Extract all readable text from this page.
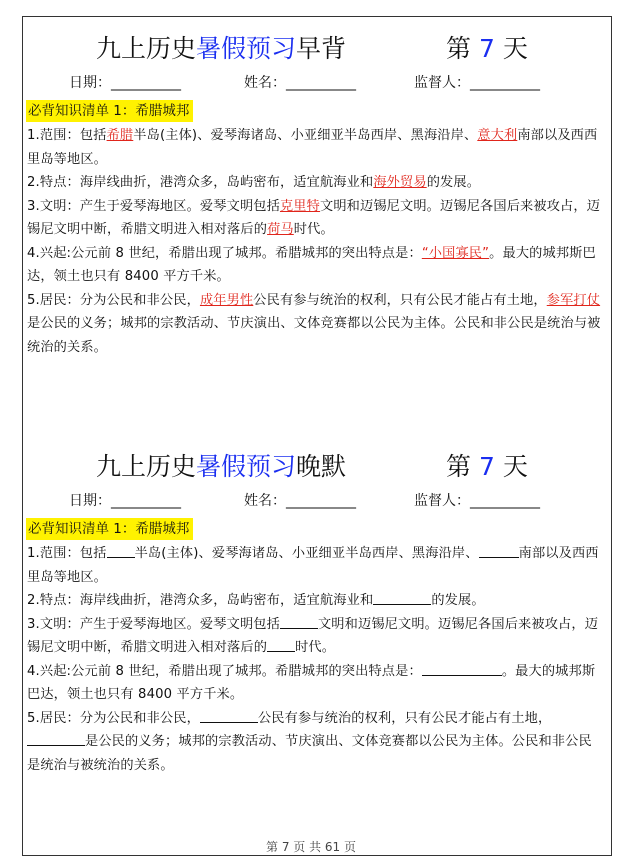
九上历史暑假预习早背	第 7 天
日期：__________	姓名：__________	监督人：__________
必背知识清单 1：希腊城邦
1.范围：包括希腊半岛(主体)、爱琴海诸岛、小亚细亚半岛西岸、黑海沿岸、意大利南部以及西西里岛等地区。
2.特点：海岸线曲折，港湾众多，岛屿密布，适宜航海业和海外贸易的发展。
3.文明：产生于爱琴海地区。爱琴文明包括克里特文明和迈锡尼文明。迈锡尼各国后来被攻占，迈锡尼文明中断，希腊文明进入相对落后的荷马时代。
4.兴起:公元前 8 世纪，希腊出现了城邦。希腊城邦的突出特点是：“小国寡民”。最大的城邦斯巴达，领土也只有 8400 平方千米。
5.居民：分为公民和非公民，成年男性公民有参与统治的权利，只有公民才能占有土地，参军打仗是公民的义务；城邦的宗教活动、节庆演出、文体竞赛都以公民为主体。公民和非公民是统治与被统治的关系。
九上历史暑假预习晚默	第 7 天
日期：__________	姓名：__________	监督人：__________
必背知识清单 1：希腊城邦
1.范围：包括 半岛(主体)、爱琴海诸岛、小亚细亚半岛西岸、黑海沿岸、	南部以及西西里岛等地区。
2.特点：海岸线曲折，港湾众多，岛屿密布，适宜航海业和	的发展。
3.文明：产生于爱琴海地区。爱琴文明包括	文明和迈锡尼文明。迈锡尼各国后来被攻占，迈锡尼文明中断，希腊文明进入相对落后的 时代。
4.兴起:公元前 8 世纪，希腊出现了城邦。希腊城邦的突出特点是：	。最大的城邦斯巴达，领土也只有 8400 平方千米。
5.居民：分为公民和非公民，	公民有参与统治的权利，只有公民才能占有土地，是公民的义务；城邦的宗教活动、节庆演出、文体竞赛都以公民为主体。公民和非公民是统治与被统治的关系。
第 7 页 共 61 页
